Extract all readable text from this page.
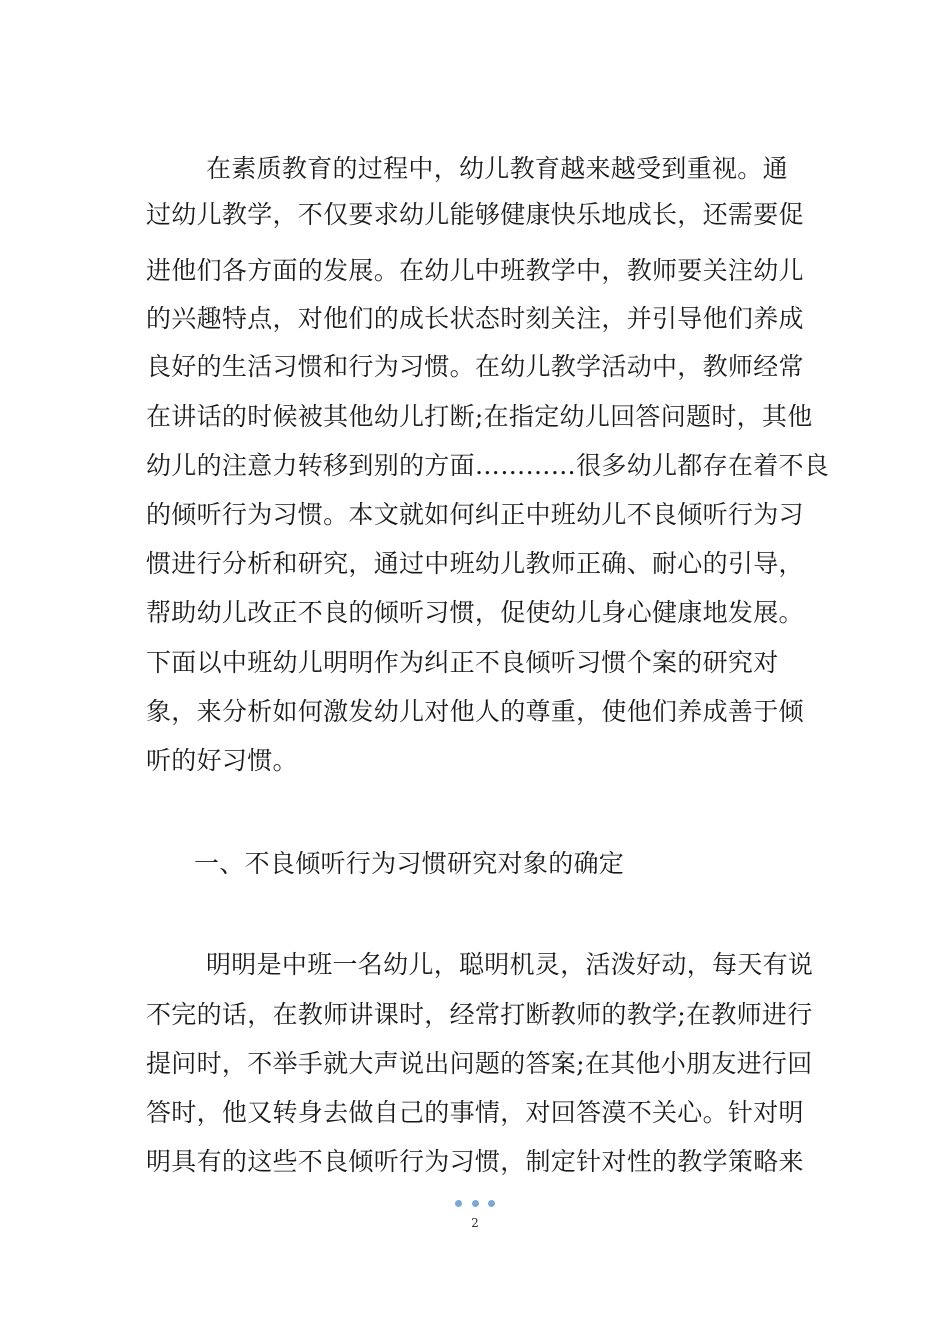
在素质教育的过程中，幼儿教育越来越受到重视。通
过幼儿教学，不仅要求幼儿能够健康快乐地成长，还需要促
进他们各方面的发展。在幼儿中班教学中，教师要关注幼儿
的兴趣特点，对他们的成长状态时刻关注，并引导他们养成
良好的生活习惯和行为习惯。在幼儿教学活动中，教师经常
在讲话的时候被其他幼儿打断;在指定幼儿回答问题时，其他
幼儿的注意力转移到别的方面…………很多幼儿都存在着不良
的倾听行为习惯。本文就如何纠正中班幼儿不良倾听行为习
惯进行分析和研究，通过中班幼儿教师正确、耐心的引导，
帮助幼儿改正不良的倾听习惯，促使幼儿身心健康地发展。
下面以中班幼儿明明作为纠正不良倾听习惯个案的研究对
象，来分析如何激发幼儿对他人的尊重，使他们养成善于倾
听的好习惯。
一、不良倾听行为习惯研究对象的确定
明明是中班一名幼儿，聪明机灵，活泼好动，每天有说
不完的话，在教师讲课时，经常打断教师的教学;在教师进行
提问时，不举手就大声说出问题的答案;在其他小朋友进行回
答时，他又转身去做自己的事情，对回答漠不关心。针对明
明具有的这些不良倾听行为习惯，制定针对性的教学策略来
2
